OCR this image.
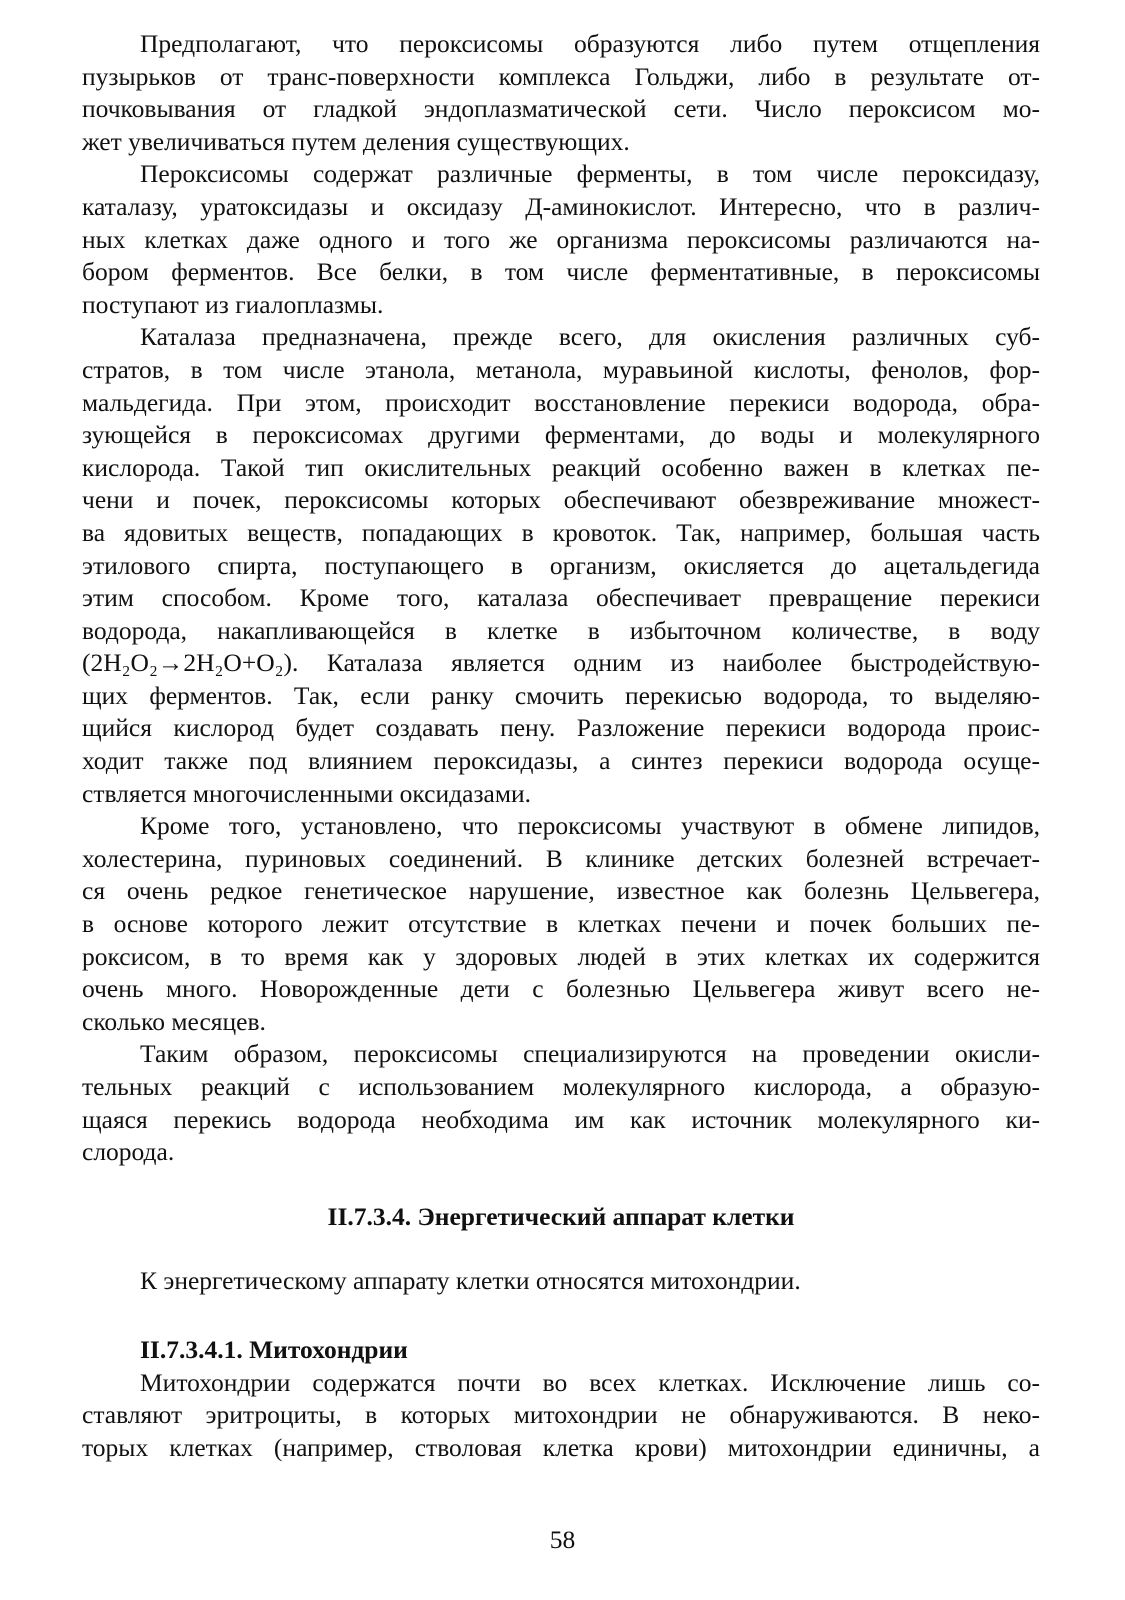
Предполагают, что пероксисомы образуются либо путем отщепления
пузырьков от транс-поверхности комплекса Гольджи, либо в результате от-
почковывания от гладкой эндоплазматической сети. Число пероксисом мо-
жет увеличиваться путем деления существующих.
Пероксисомы содержат различные ферменты, в том числе пероксидазу,
каталазу, уратоксидазы и оксидазу Д-аминокислот. Интересно, что в различ-
ных клетках даже одного и того же организма пероксисомы различаются на-
бором ферментов. Все белки, в том числе ферментативные, в пероксисомы
поступают из гиалоплазмы.
Каталаза предназначена, прежде всего, для окисления различных суб-
стратов, в том числе этанола, метанола, муравьиной кислоты, фенолов, фор-
мальдегида. При этом, происходит восстановление перекиси водорода, обра-
зующейся в пероксисомах другими ферментами, до воды и молекулярного
кислорода. Такой тип окислительных реакций особенно важен в клетках пе-
чени и почек, пероксисомы которых обеспечивают обезвреживание множест-
ва ядовитых веществ, попадающих в кровоток. Так, например, большая часть
этилового спирта, поступающего в организм, окисляется до ацетальдегида
этим способом. Кроме того, каталаза обеспечивает превращение перекиси
водорода, накапливающейся в клетке в избыточном количестве, в воду
(2H₂O₂→2H₂O+O₂). Каталаза является одним из наиболее быстродействую-
щих ферментов. Так, если ранку смочить перекисью водорода, то выделяю-
щийся кислород будет создавать пену. Разложение перекиси водорода проис-
ходит также под влиянием пероксидазы, а синтез перекиси водорода осуще-
ствляется многочисленными оксидазами.
Кроме того, установлено, что пероксисомы участвуют в обмене липидов,
холестерина, пуриновых соединений. В клинике детских болезней встречает-
ся очень редкое генетическое нарушение, известное как болезнь Цельвегера,
в основе которого лежит отсутствие в клетках печени и почек больших пе-
роксисом, в то время как у здоровых людей в этих клетках их содержится
очень много. Новорожденные дети с болезнью Цельвегера живут всего не-
сколько месяцев.
Таким образом, пероксисомы специализируются на проведении окисли-
тельных реакций с использованием молекулярного кислорода, а образую-
щаяся перекись водорода необходима им как источник молекулярного ки-
слорода.
II.7.3.4. Энергетический аппарат клетки
К энергетическому аппарату клетки относятся митохондрии.
II.7.3.4.1. Митохондрии
Митохондрии содержатся почти во всех клетках. Исключение лишь со-
ставляют эритроциты, в которых митохондрии не обнаруживаются. В неко-
торых клетках (например, стволовая клетка крови) митохондрии единичны, а
58
